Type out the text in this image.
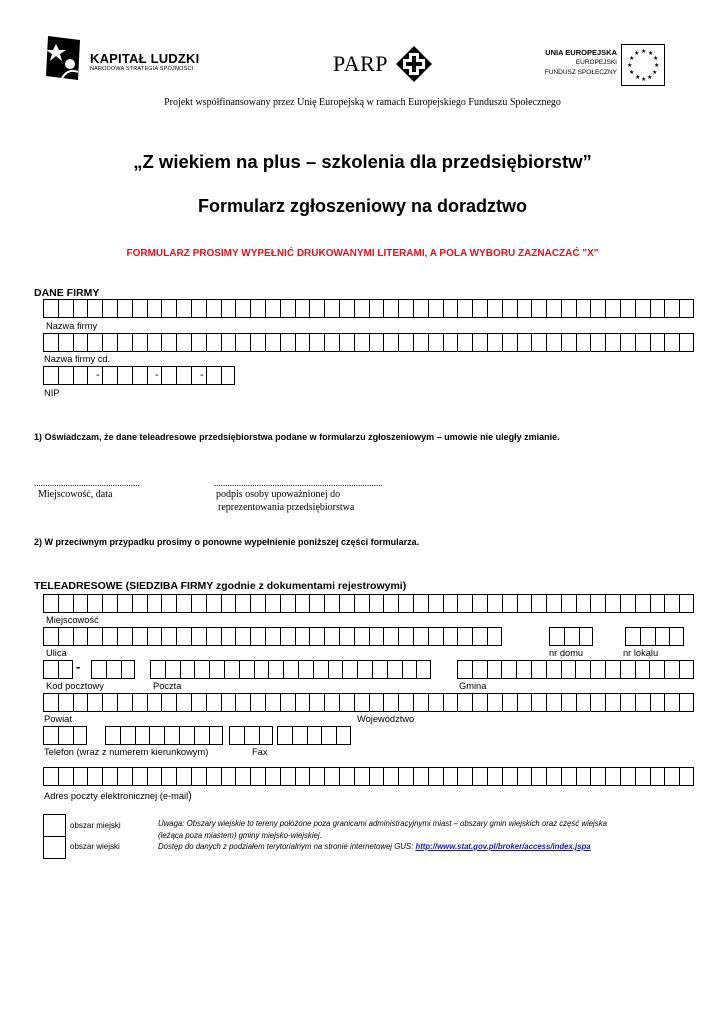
KAPITAŁ LUDZKI
NARODOWA STRATEGIA SPÓJNOŚCI	PARP	UNIA EUROPEJSKA
EUROPEJSKI
FUNDUSZ SPOŁECZNY
★ ★
★
★
★
★
★
★
★
★
★
★
Projekt współfinansowany przez Unię Europejską w ramach Europejskiego Funduszu Społecznego
„Z wiekiem na plus – szkolenia dla przedsiębiorstw”
Formularz zgłoszeniowy na doradztwo
FORMULARZ PROSIMY WYPEŁNIĆ DRUKOWANYMI LITERAMI, A POLA WYBORU ZAZNACZAĆ "X"
DANE FIRMY
Nazwa firmy
Nazwa firmy cd.
-	-	-
NIP
1) Oświadczam, że dane teleadresowe przedsiębiorstwa podane w formularzu zgłoszeniowym – umowie nie uległy zmianie.
...............................................	...........................................................................
Miejscowość, data	podpis osoby upoważnionej do
reprezentowania przedsiębiorstwa
2) W przeciwnym przypadku prosimy o ponowne wypełnienie poniższej części formularza.
TELEADRESOWE (SIEDZIBA FIRMY zgodnie z dokumentami rejestrowymi)
Miejscowość
Ulica	nr domu	nr lokalu
-
Kod pocztowy	Poczta	Gmina
Powiat	Województwo
Telefon (wraz z numerem kierunkowym)	Fax
Adres poczty elektronicznej (e-mail)
obszar miejski
obszar wiejski
Uwaga: Obszary wiejskie to tereny położone poza granicami administracyjnymi miast – obszary gmin wiejskich oraz część wiejska
(leżąca poza miastem) gminy miejsko-wiejskiej.
Dostęp do danych z podziałem terytorialnym na stronie internetowej GUS: http://www.stat.gov.pl/broker/access/index.jspa
